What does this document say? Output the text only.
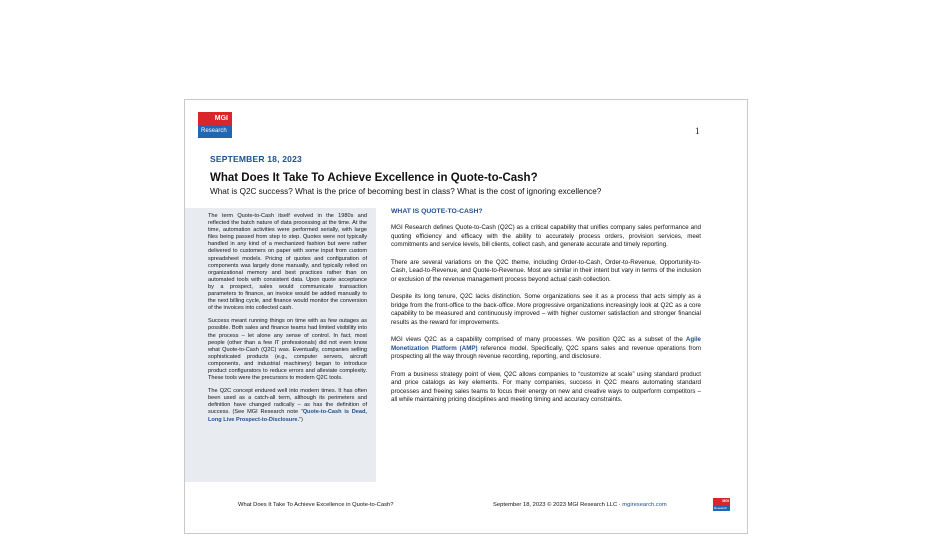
MGI
Research	1
SEPTEMBER 18, 2023
What Does It Take To Achieve Excellence in Quote-to-Cash?

What is Q2C success? What is the price of becoming best in class? What is the cost of ignoring excellence?

The term Quote-to-Cash itself evolved in the 1980s and reflected the batch nature of data processing at the time. At the time, automation activities were performed serially, with large files being passed from step to step. Quotes were not typically handled in any kind of a mechanized fashion but were rather delivered to customers on paper with some input from custom spreadsheet models. Pricing of quotes and configuration of components was largely done manually, and typically relied on organizational memory and best practices rather than on automated tools with consistent data. Upon quote acceptance by a prospect, sales would communicate transaction parameters to finance, an invoice would be added manually to the next billing cycle, and finance would monitor the conversion of the invoices into collected cash.

Success meant running things on time with as few outages as possible. Both sales and finance teams had limited visibility into the process – let alone any sense of control. In fact, most people (other than a few IT professionals) did not even know what Quote-to-Cash (Q2C) was. Eventually, companies selling sophisticated products (e.g., computer servers, aircraft components, and industrial machinery) began to introduce product configurators to reduce errors and alleviate complexity. These tools were the precursors to modern Q2C tools.

The Q2C concept endured well into modern times. It has often been used as a catch-all term, although its perimeters and definition have changed radically – as has the definition of success. (See MGI Research note “Quote-to-Cash is Dead, Long Live Prospect-to-Disclosure.”)

WHAT IS QUOTE-TO-CASH?

MGI Research defines Quote-to-Cash (Q2C) as a critical capability that unifies company sales performance and quoting efficiency and efficacy with the ability to accurately process orders, provision services, meet commitments and service levels, bill clients, collect cash, and generate accurate and timely reporting.

There are several variations on the Q2C theme, including Order-to-Cash, Order-to-Revenue, Opportunity-to-Cash, Lead-to-Revenue, and Quote-to-Revenue. Most are similar in their intent but vary in terms of the inclusion or exclusion of the revenue management process beyond actual cash collection.

Despite its long tenure, Q2C lacks distinction. Some organizations see it as a process that acts simply as a bridge from the front-office to the back-office. More progressive organizations increasingly look at Q2C as a core capability to be measured and continuously improved – with higher customer satisfaction and stronger financial results as the reward for improvements.

MGI views Q2C as a capability comprised of many processes. We position Q2C as a subset of the Agile Monetization Platform (AMP) reference model. Specifically, Q2C spans sales and revenue operations from prospecting all the way through revenue recording, reporting, and disclosure.

From a business strategy point of view, Q2C allows companies to “customize at scale” using standard product and price catalogs as key elements. For many companies, success in Q2C means automating standard processes and freeing sales teams to focus their energy on new and creative ways to outperform competitors – all while maintaining pricing disciplines and meeting timing and accuracy constraints.

What Does It Take To Achieve Excellence in Quote-to-Cash?	September 18, 2023 © 2023 MGI Research LLC · mgiresearch.com
MGI
Research
